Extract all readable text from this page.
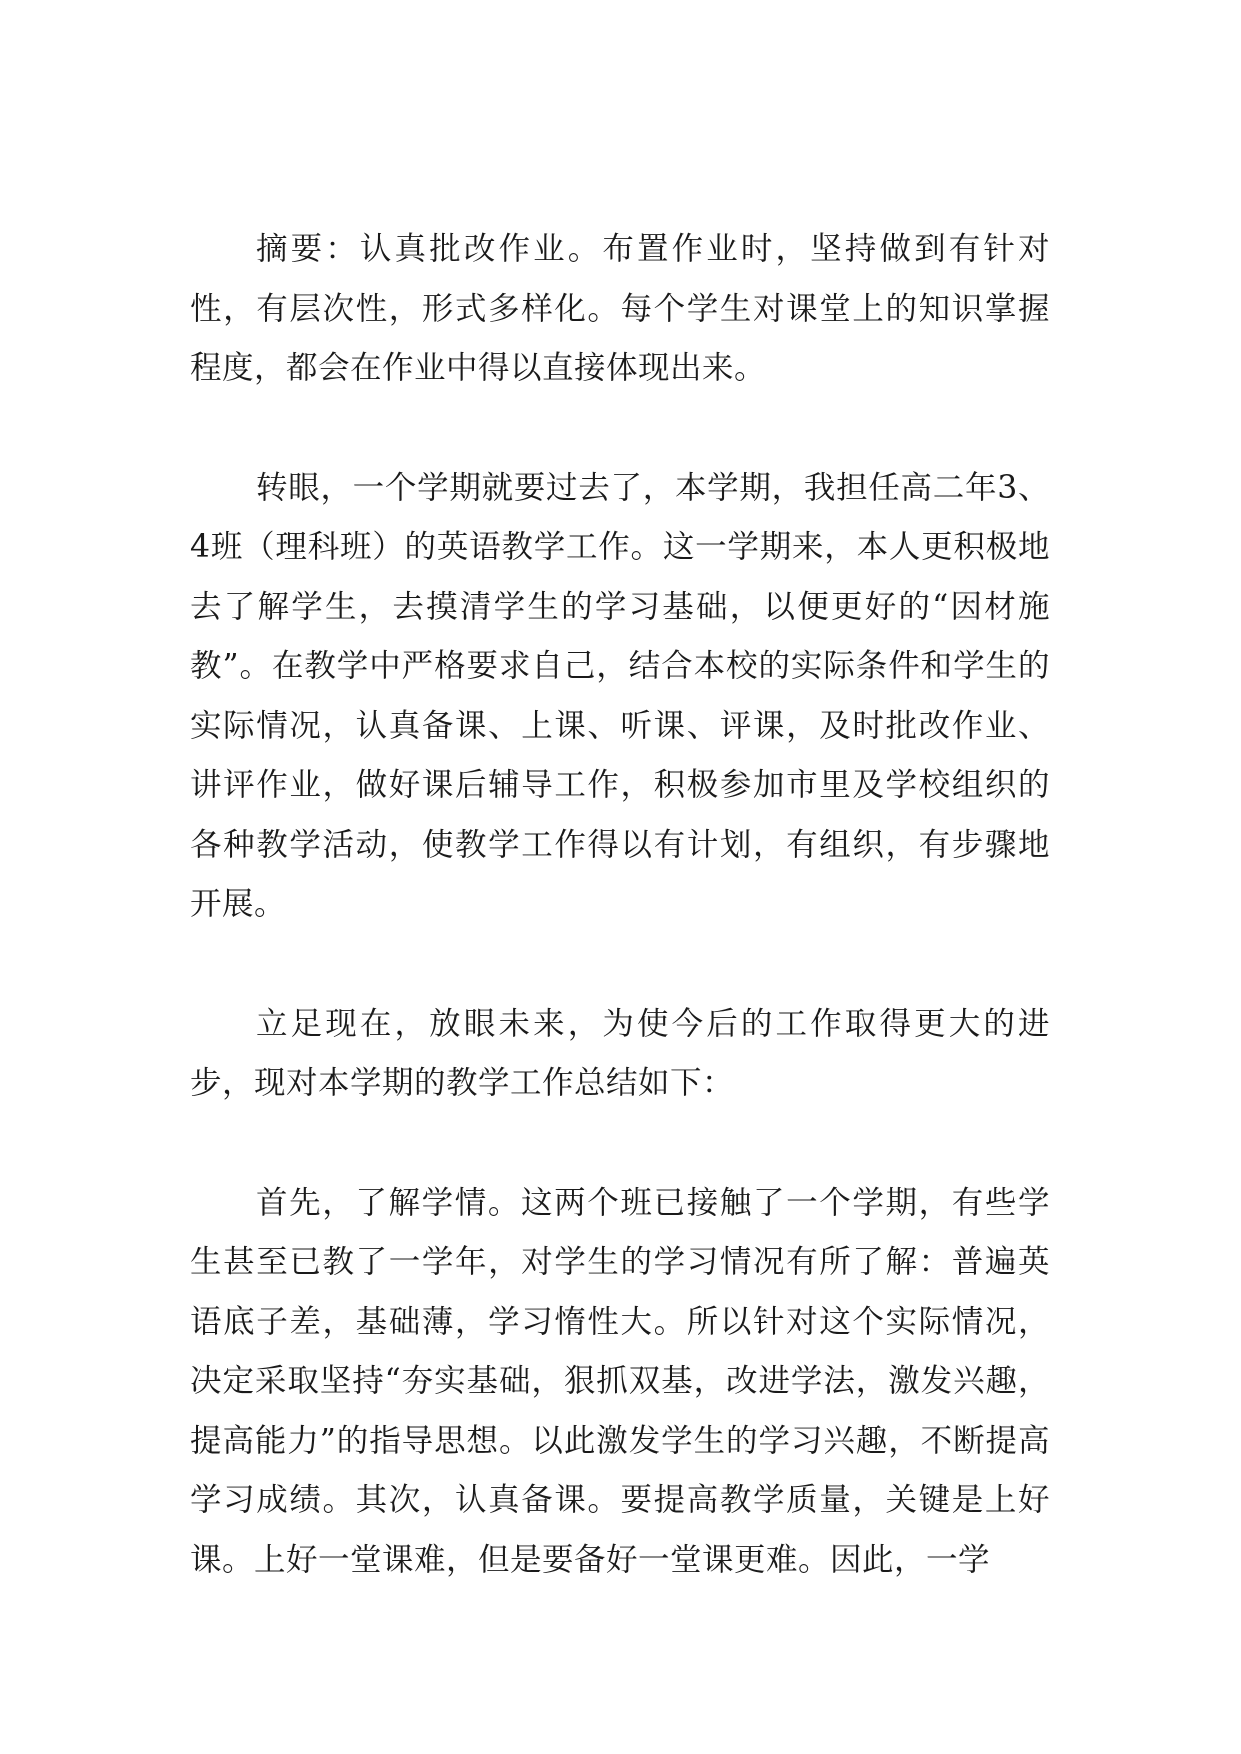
摘要：认真批改作业。布置作业时，坚持做到有针对性，有层次性，形式多样化。每个学生对课堂上的知识掌握程度，都会在作业中得以直接体现出来。

转眼，一个学期就要过去了，本学期，我担任高二年3、4班（理科班）的英语教学工作。这一学期来，本人更积极地去了解学生，去摸清学生的学习基础，以便更好的“因材施教”。在教学中严格要求自己，结合本校的实际条件和学生的实际情况，认真备课、上课、听课、评课，及时批改作业、讲评作业，做好课后辅导工作，积极参加市里及学校组织的各种教学活动，使教学工作得以有计划，有组织，有步骤地开展。

立足现在，放眼未来，为使今后的工作取得更大的进步，现对本学期的教学工作总结如下：

首先，了解学情。这两个班已接触了一个学期，有些学生甚至已教了一学年，对学生的学习情况有所了解：普遍英语底子差，基础薄，学习惰性大。所以针对这个实际情况，决定采取坚持“夯实基础，狠抓双基，改进学法，激发兴趣，提高能力”的指导思想。以此激发学生的学习兴趣，不断提高学习成绩。其次，认真备课。要提高教学质量，关键是上好课。上好一堂课难，但是要备好一堂课更难。因此，一学
